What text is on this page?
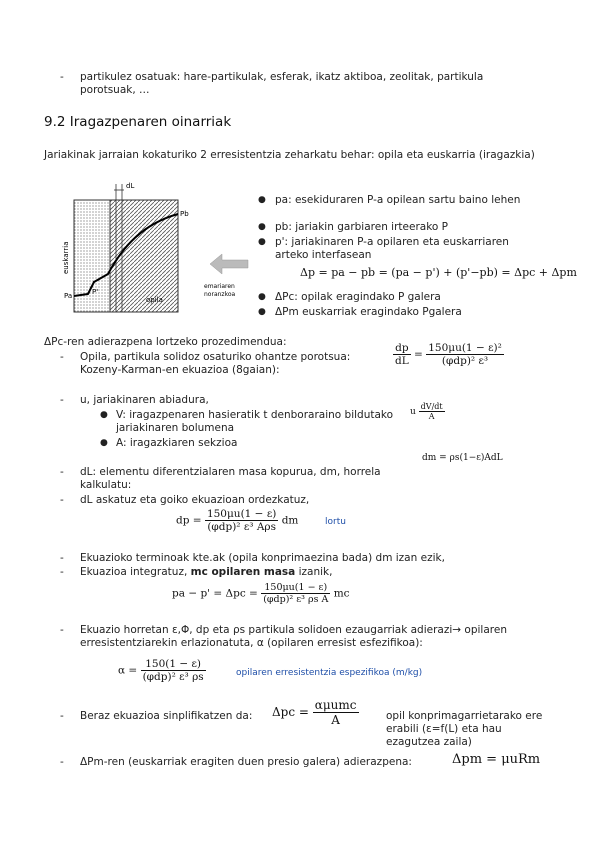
-	partikulez osatuak: hare-partikulak, esferak, ikatz aktiboa, zeolitak, partikula porotsuak, …
9.2 Iragazpenaren oinarriak
Jariakinak jarraian kokaturiko 2 erresistentzia zeharkatu behar: opila eta euskarria (iragazkia)
dL
Pa
Pb
P'
euskarria
opila
emariaren
noranzkoa
● pa: esekiduraren P-a opilean sartu baino lehen
● pb: jariakin garbiaren irteerako P
● p': jariakinaren P-a opilaren eta euskarriaren arteko interfasean
Δp = pa − pb = (pa − p') + (p'−pb) = Δpc + Δpm
● ΔPc: opilak eragindako P galera
● ΔPm euskarriak eragindako Pgalera
ΔPc-ren adierazpena lortzeko prozedimendua:
-	Opila, partikula solidoz osaturiko ohantze porotsua: Kozeny-Karman-en ekuazioa (8gaian):
$\frac{dp}{dL} = \frac{\text{150μu(1 − ε)²}}{\text{(φdp)² ε³}}$
-	u, jariakinaren abiadura,
● V: iragazpenaren hasieratik t denboraraino bildutako jariakinaren bolumena
u $\frac{dV/dt}{A}$
● A: iragazkiaren sekzioa
dm = ρs(1−ε)AdL
-	dL: elementu diferentzialaren masa kopurua, dm, horrela kalkulatu:
-	dL askatuz eta goiko ekuazioan ordezkatuz,
dp = $\frac{150\mu u(1 - \varepsilon)}{\text{(φdp)² ε³ Aρs}}$ dm	lortu
-	Ekuazioko terminoak kte.ak (opila konprimaezina bada) dm izan ezik,
-	Ekuazioa integratuz, mc opilaren masa izanik,
pa − $p' = \Delta pc = \frac{150\mu u(1 - \varepsilon)}{\text{(φdp)² ε³ ρs A}}$ mc
-	Ekuazio horretan ε,Φ, dp eta ρs partikula solidoen ezaugarriak adierazi→ opilaren erresistentziarekin erlazionatuta, α (opilaren erresist esfezifikoa):
$\alpha = \frac{150(1 - \varepsilon)}{\text{(φdp)² ε³ ρs}}$	opilaren erresistentzia espezifikoa (m/kg)
-	Beraz ekuazioa sinplifikatzen da: $\Delta pc = \frac{\text{αμumc}}{A}$	opil konprimagarrietarako ere erabili (ε=f(L) eta hau ezagutzea zaila)
-	ΔPm-ren (euskarriak eragiten duen presio galera) adierazpena:	Δpm = μuRm
